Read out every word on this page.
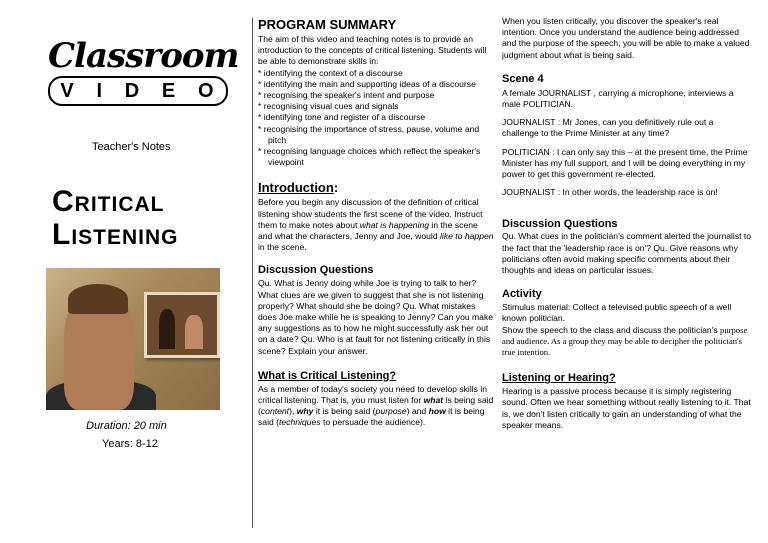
Classroom
V I D E O
Teacher's Notes
Critical
Listening
Duration: 20 min
Years: 8-12
PROGRAM SUMMARY

The aim of this video and teaching notes is to provide an introduction to the concepts of critical listening. Students will be able to demonstrate skills in:

* identifying the context of a discourse
* identifying the main and supporting ideas of a discourse
* recognising the speaker's intent and purpose
* recognising visual cues and signals
* identifying tone and register of a discourse
* recognising the importance of stress, pause, volume and pitch
* recognising language choices which reflect the speaker's viewpoint
Introduction:

Before you begin any discussion of the definition of critical listening show students the first scene of the video. Instruct them to make notes about what is happening in the scene and what the characters, Jenny and Joe, would like to happen in the scene.

Discussion Questions

Qu. What is Jenny doing while Joe is trying to talk to her? What clues are we given to suggest that she is not listening properly? What should she be doing? Qu. What mistakes does Joe make while he is speaking to Jenny? Can you make any suggestions as to how he might successfully ask her out on a date? Qu. Who is at fault for not listening critically in this scene? Explain your answer.

What is Critical Listening?

As a member of today's society you need to develop skills in critical listening. That is, you must listen for what is being said (content), why it is being said (purpose) and how it is being said (techniques to persuade the audience).

When you listen critically, you discover the speaker's real intention. Once you understand the audience being addressed and the purpose of the speech, you will be able to make a valued judgment about what is being said.

Scene 4

A female JOURNALIST , carrying a microphone, interviews a male POLITICIAN.

JOURNALIST : Mr Jones, can you definitively rule out a challenge to the Prime Minister at any time?

POLITICIAN : I can only say this – at the present time, the Prime Minister has my full support, and I will be doing everything in my power to get this government re-elected.

JOURNALIST : In other words, the leadership race is on!

Discussion Questions

Qu. What cues in the politician's comment alerted the journalist to the fact that the 'leadership race is on'? Qu. Give reasons why politicians often avoid making specific comments about their thoughts and ideas on particular issues.

Activity

Stimulus material: Collect a televised public speech of a well known politician.

Show the speech to the class and discuss the politician's purpose and audience. As a group they may be able to decipher the politician's true intention.

Listening or Hearing?

Hearing is a passive process because it is simply registering sound. Often we hear something without really listening to it. That is, we don't listen critically to gain an understanding of what the speaker means.
